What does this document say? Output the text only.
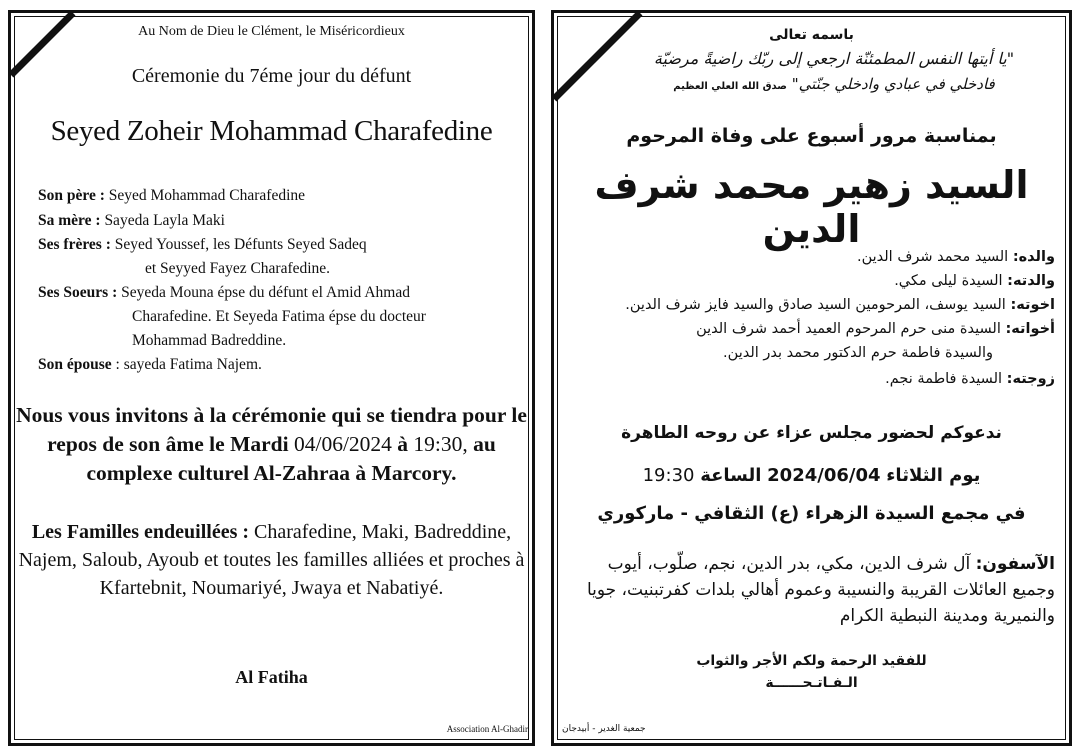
Au Nom de Dieu le Clément, le Miséricordieux
Céremonie du 7éme jour du défunt
Seyed Zoheir Mohammad Charafedine
Son père : Seyed Mohammad Charafedine
Sa mère : Sayeda Layla Maki
Ses frères : Seyed Youssef, les Défunts Seyed Sadeq
et Seyyed Fayez Charafedine.
Ses Soeurs : Seyeda Mouna épse du défunt el Amid Ahmad
Charafedine. Et Seyeda Fatima épse du docteur
Mohammad Badreddine.
Son épouse : sayeda Fatima Najem.
Nous vous invitons à la cérémonie qui se tiendra pour le repos de son âme le Mardi 04/06/2024 à 19:30, au complexe culturel Al-Zahraa à Marcory.
Les Familles endeuillées : Charafedine, Maki, Badreddine, Najem, Saloub, Ayoub et toutes les familles alliées et proches à Kfartebnit, Noumariyé, Jwaya et Nabatiyé.
Al Fatiha
Association Al-Ghadir
باسمه تعالى
"يا أيتها النفس المطمئنّة ارجعي إلى ربّك راضيةً مرضيّة
فادخلي في عبادي وادخلي جنّتي" صدق الله العلي العظيم
بمناسبة مرور أسبوع على وفاة المرحوم
السيد زهير محمد شرف الدين
والده: السيد محمد شرف الدين.
والدته: السيدة ليلى مكي.
اخوته: السيد يوسف، المرحومين السيد صادق والسيد فايز شرف الدين.
أخواته: السيدة منى حرم المرحوم العميد أحمد شرف الدين
والسيدة فاطمة حرم الدكتور محمد بدر الدين.
زوجته: السيدة فاطمة نجم.
ندعوكم لحضور مجلس عزاء عن روحه الطاهرة
يوم الثلاثاء 2024/06/04 الساعة 19:30
في مجمع السيدة الزهراء (ع) الثقافي - ماركوري
الآسفون: آل شرف الدين، مكي، بدر الدين، نجم، صلّوب، أيوب وجميع العائلات القريبة والنسيبة وعموم أهالي بلدات كفرتبنيت، جويا والنميرية ومدينة النبطية الكرام
للفقيد الرحمة ولكم الأجر والثواب
الـفـاتـحــــــة
جمعية الغدير - أبيدجان
